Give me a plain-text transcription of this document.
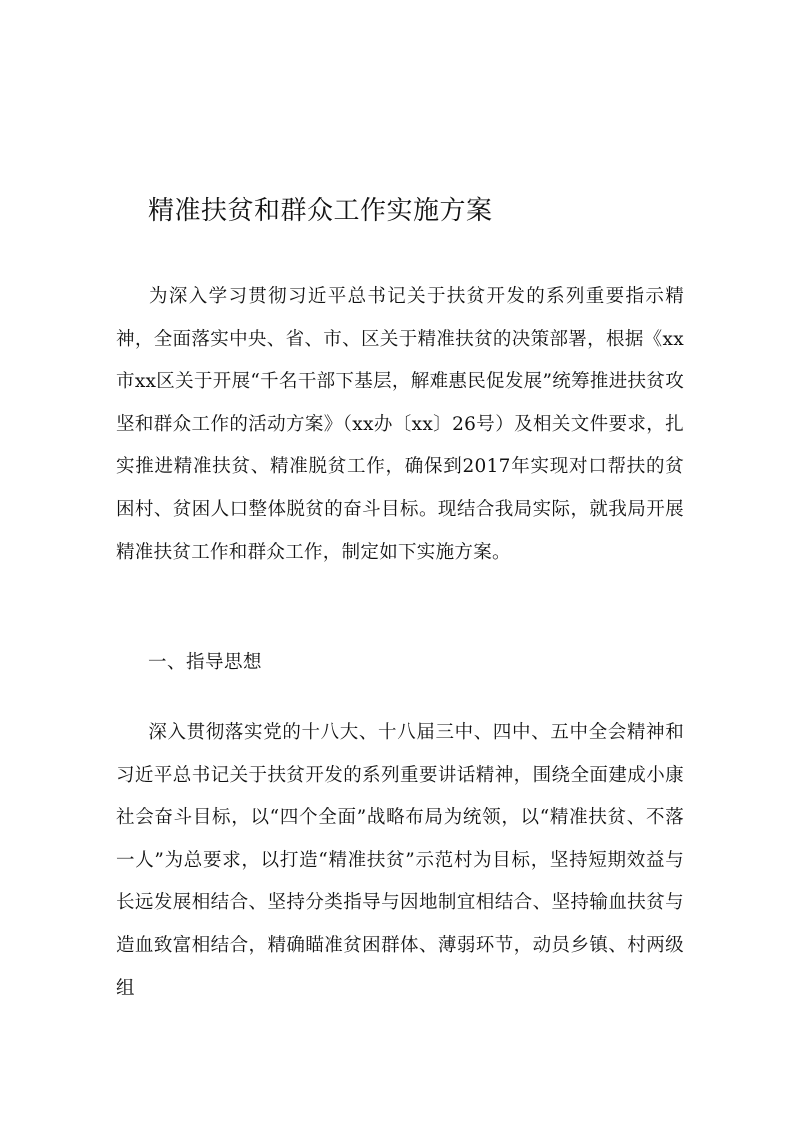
精准扶贫和群众工作实施方案
为深入学习贯彻习近平总书记关于扶贫开发的系列重要指示精神，全面落实中央、省、市、区关于精准扶贫的决策部署，根据《xx市xx区关于开展“千名干部下基层，解难惠民促发展”统筹推进扶贫攻坚和群众工作的活动方案》（xx办〔xx〕26号）及相关文件要求，扎实推进精准扶贫、精准脱贫工作，确保到2017年实现对口帮扶的贫困村、贫困人口整体脱贫的奋斗目标。现结合我局实际，就我局开展精准扶贫工作和群众工作，制定如下实施方案。
一、指导思想
深入贯彻落实党的十八大、十八届三中、四中、五中全会精神和习近平总书记关于扶贫开发的系列重要讲话精神，围绕全面建成小康社会奋斗目标，以“四个全面”战略布局为统领，以“精准扶贫、不落一人”为总要求，以打造“精准扶贫”示范村为目标，坚持短期效益与长远发展相结合、坚持分类指导与因地制宜相结合、坚持输血扶贫与造血致富相结合，精确瞄准贫困群体、薄弱环节，动员乡镇、村两级组
